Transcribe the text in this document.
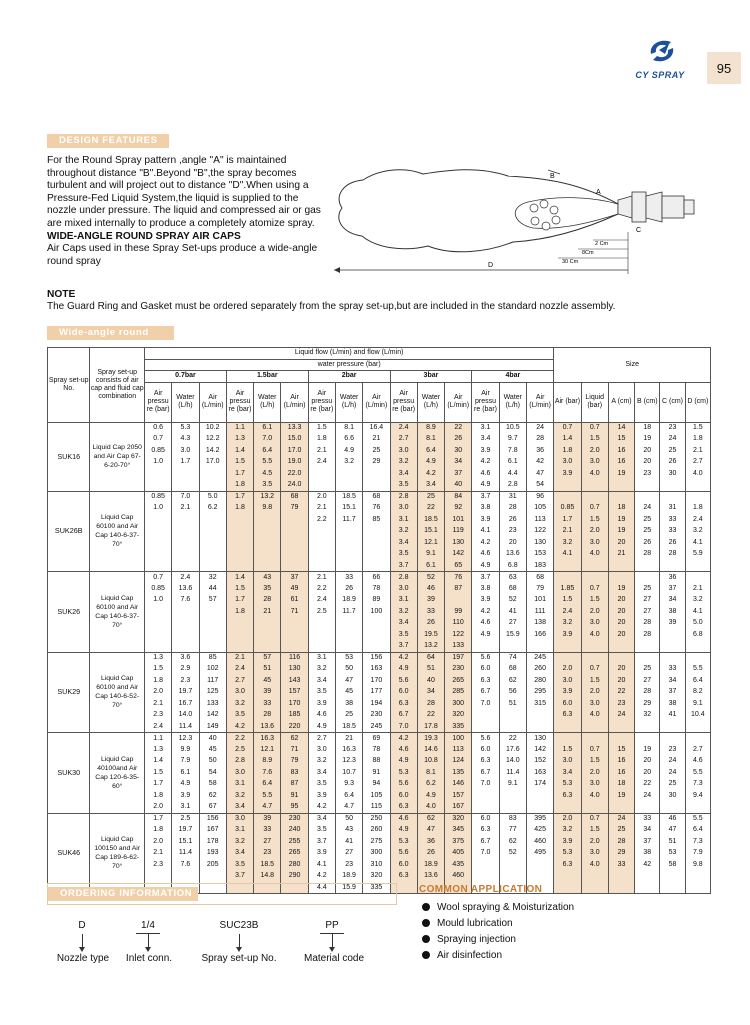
CY SPRAY	95
DESIGN FEATURES

For the Round Spray pattern ,angle "A" is maintained throughout distance "B".Beyond "B",the spray becomes turbulent and will project out to distance "D".When using a Pressure-Fed Liquid System,the liquid is supplied to the nozzle under pressure. The liquid and compressed air or gas are mixed internally to produce a completely atomize spray.

WIDE-ANGLE ROUND SPRAY AIR CAPS

Air Caps used in these Spray Set-ups produce a wide-angle round spray

NOTE
The Guard Ring and Gasket must be ordered separately from the spray set-up,but are included in the standard nozzle assembly.
B
A
C
2 Cm
8Cm
30 Cm
D
Wide-angle round spray
Spray set-up No.	Spray set-up consists of air cap and fluid cap combination	Liquid flow (L/min) and flow (L/min)															Size					
		water pressure (bar)																				
		0.7bar			1.5bar			2bar			3bar			4bar								
		Air pressu re (bar)	Water (L/h)	Air (L/min)	Air pressu re (bar)	Water (L/h)	Air (L/min)	Air pressu re (bar)	Water (L/h)	Air (L/min)	Air pressu re (bar)	Water (L/h)	Air (L/min)	Air pressu re (bar)	Water (L/h)	Air (L/min)	Air (bar)	Liquid (bar)	A (cm)	B (cm)	C (cm)	D (cm)
SUK16	Liquid Cap 2050 and Air Cap 67-6-20-70°	0.6	5.3	10.2	1.1	6.1	13.3	1.5	8.1	16.4	2.4	8.9	22	3.1	10.5	24	0.7	0.7	14	18	23	1.5
		0.7	4.3	12.2	1.3	7.0	15.0	1.8	6.6	21	2.7	8.1	26	3.4	9.7	28	1.4	1.5	15	19	24	1.8
		0.85	3.0	14.2	1.4	6.4	17.0	2.1	4.9	25	3.0	6.4	30	3.9	7.8	36	1.8	2.0	16	20	25	2.1
		1.0	1.7	17.0	1.5	5.5	19.0	2.4	3.2	29	3.2	4.9	34	4.2	6.1	42	3.0	3.0	16	20	26	2.7
					1.7	4.5	22.0				3.4	4.2	37	4.6	4.4	47	3.9	4.0	19	23	30	4.0
					1.8	3.5	24.0				3.5	3.4	40	4.9	2.8	54						
SUK26B	Liquid Cap 60100 and Air Cap 140-6-37-70°	0.85	7.0	5.0	1.7	13.2	68	2.0	18.5	68	2.8	25	84	3.7	31	96						
		1.0	2.1	6.2	1.8	9.8	79	2.1	15.1	76	3.0	22	92	3.8	28	105	0.85	0.7	18	24	31	1.8
								2.2	11.7	85	3.1	18.5	101	3.9	26	113	1.7	1.5	19	25	33	2.4
											3.2	15.1	119	4.1	23	122	2.1	2.0	19	25	33	3.2
											3.4	12.1	130	4.2	20	130	3.2	3.0	20	26	26	4.1
											3.5	9.1	142	4.6	13.6	153	4.1	4.0	21	28	28	5.9
											3.7	6.1	65	4.9	6.8	183						
SUK26	Liquid Cap 60100 and Air Cap 140-6-37-70°	0.7	2.4	32	1.4	43	37	2.1	33	66	2.8	52	76	3.7	63	68					36	
		0.85	13.6	44	1.5	35	49	2.2	26	78	3.0	46	87	3.8	68	79	1.85	0.7	19	25	37	2.1
		1.0	7.6	57	1.7	28	61	2.4	18.9	89	3.1	39		3.9	52	101	1.5	1.5	20	27	34	3.2
					1.8	21	71	2.5	11.7	100	3.2	33	99	4.2	41	111	2.4	2.0	20	27	38	4.1
											3.4	26	110	4.6	27	138	3.2	3.0	20	28	39	5.0
											3.5	19.5	122	4.9	15.9	166	3.9	4.0	20	28		6.8
											3.7	13.2	133									
SUK29	Liquid Cap 60100 and Air Cap 140-6-52-70°	1.3	3.6	85	2.1	57	116	3.1	53	156	4.2	64	197	5.6	74	245						
		1.5	2.9	102	2.4	51	130	3.2	50	163	4.9	51	230	6.0	68	260	2.0	0.7	20	25	33	5.5
		1.8	2.3	117	2.7	45	143	3.4	47	170	5.6	40	265	6.3	62	280	3.0	1.5	20	27	34	6.4
		2.0	19.7	125	3.0	39	157	3.5	45	177	6.0	34	285	6.7	56	295	3.9	2.0	22	28	37	8.2
		2.1	16.7	133	3.2	33	170	3.9	38	194	6.3	28	300	7.0	51	315	6.0	3.0	23	29	38	9.1
		2.3	14.0	142	3.5	28	185	4.6	25	230	6.7	22	320				6.3	4.0	24	32	41	10.4
		2.4	11.4	149	4.2	13.6	220	4.9	18.5	245	7.0	17.8	335									
SUK30	Liquid Cap 40100and Air Cap 120-6-35-60°	1.1	12.3	40	2.2	16.3	62	2.7	21	69	4.2	19.3	100	5.6	22	130						
		1.3	9.9	45	2.5	12.1	71	3.0	16.3	78	4.6	14.6	113	6.0	17.6	142	1.5	0.7	15	19	23	2.7
		1.4	7.9	50	2.8	8.9	79	3.2	12.3	88	4.9	10.8	124	6.3	14.0	152	3.0	1.5	16	20	24	4.6
		1.5	6.1	54	3.0	7.6	83	3.4	10.7	91	5.3	8.1	135	6.7	11.4	163	3.4	2.0	16	20	24	5.5
		1.7	4.9	58	3.1	6.4	87	3.5	9.3	94	5.6	6.2	146	7.0	9.1	174	5.3	3.0	18	22	25	7.3
		1.8	3.9	62	3.2	5.5	91	3.9	6.4	105	6.0	4.9	157				6.3	4.0	19	24	30	9.4
		2.0	3.1	67	3.4	4.7	95	4.2	4.7	115	6.3	4.0	167									
SUK46	Liquid Cap 100150 and Air Cap 189-6-62-70°	1.7	2.5	156	3.0	39	230	3.4	50	250	4.6	62	320	6.0	83	395	2.0	0.7	24	33	46	5.5
		1.8	19.7	167	3.1	33	240	3.5	43	260	4.9	47	345	6.3	77	425	3.2	1.5	25	34	47	6.4
		2.0	15.1	178	3.2	27	255	3.7	41	275	5.3	36	375	6.7	62	460	3.9	2.0	28	37	51	7.3
		2.1	11.4	193	3.4	23	265	3.9	27	300	5.6	26	405	7.0	52	495	5.3	3.0	29	38	53	7.9
		2.3	7.6	205	3.5	18.5	280	4.1	23	310	6.0	18.9	435				6.3	4.0	33	42	58	9.8
					3.7	14.8	290	4.2	18.9	320	6.3	13.6	460									
								4.4	15.9	335												
ORDERING INFORMATION
D	1/4	SUC23B	PP
Nozzle type	Inlet conn.	Spray set-up No.	Material code
COMMON APPLICATION
Wool spraying & Moisturization
Mould lubrication
Spraying injection
Air disinfection
